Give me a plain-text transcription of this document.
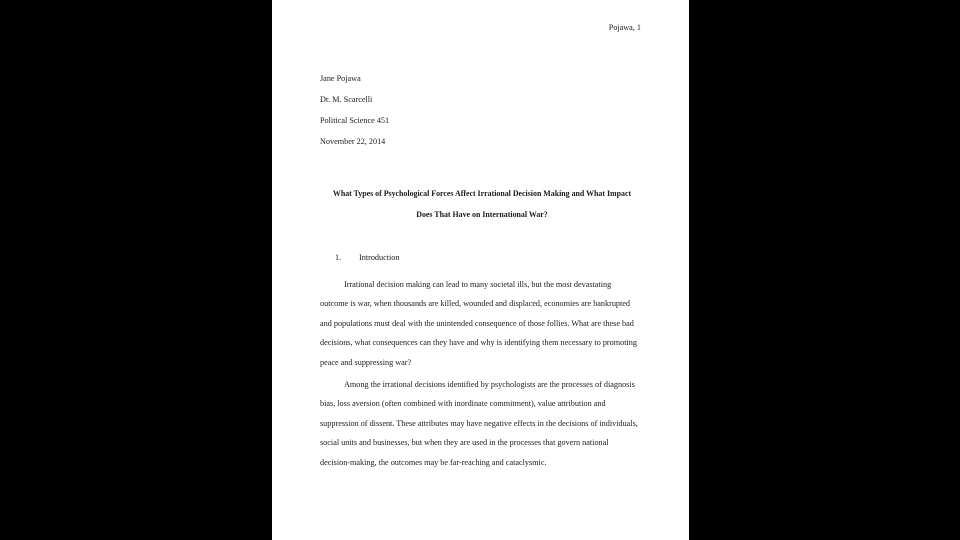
Pojawa, 1
Jane Pojawa
Dr. M. Scarcelli
Political Science 451
November 22, 2014
What Types of Psychological Forces Affect Irrational Decision Making and What Impact
Does That Have on International War?
1. Introduction
Irrational decision making can lead to many societal ills, but the most devastating
outcome is war, when thousands are killed, wounded and displaced, economies are bankrupted
and populations must deal with the unintended consequence of those follies. What are these bad
decisions, what consequences can they have and why is identifying them necessary to promoting
peace and suppressing war?
Among the irrational decisions identified by psychologists are the processes of diagnosis
bias, loss aversion (often combined with inordinate commitment), value attribution and
suppression of dissent. These attributes may have negative effects in the decisions of individuals,
social units and businesses, but when they are used in the processes that govern national
decision-making, the outcomes may be far-reaching and cataclysmic.
